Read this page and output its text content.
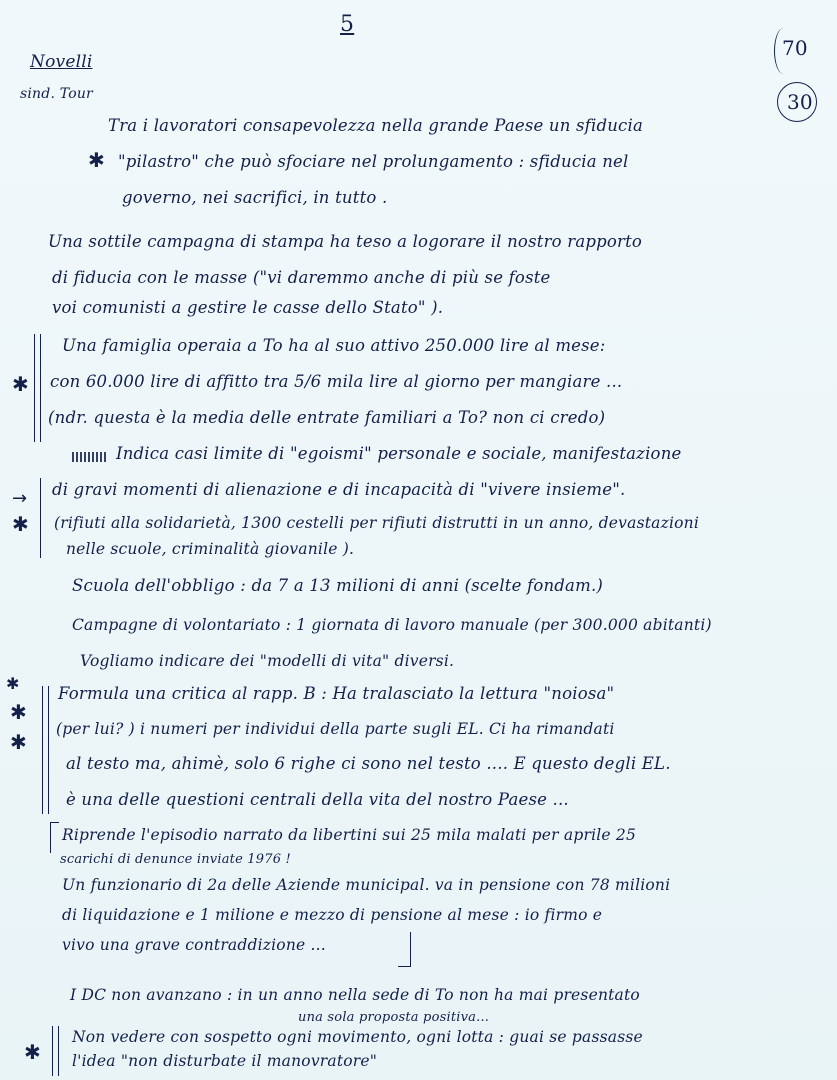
5
70
30
Novelli
sind. Tour
Tra i lavoratori consapevolezza nella grande Paese un sfiducia
✱ "pilastro" che può sfociare nel prolungamento : sfiducia nel
governo, nei sacrifici, in tutto .
Una sottile campagna di stampa ha teso a logorare il nostro rapporto
di fiducia con le masse ("vi daremmo anche di più se foste
voi comunisti a gestire le casse dello Stato" ).
✱
Una famiglia operaia a To ha al suo attivo 250.000 lire al mese:
con 60.000 lire di affitto tra 5/6 mila lire al giorno per mangiare ...
(ndr. questa è la media delle entrate familiari a To? non ci credo)
Indica casi limite di "egoismi" personale e sociale, manifestazione
→ di gravi momenti di alienazione e di incapacità di "vivere insieme".
✱ (rifiuti alla solidarietà, 1300 cestelli per rifiuti distrutti in un anno, devastazioni
nelle scuole, criminalità giovanile ).
Scuola dell'obbligo : da 7 a 13 milioni di anni (scelte fondam.)
Campagne di volontariato : 1 giornata di lavoro manuale (per 300.000 abitanti)
Vogliamo indicare dei "modelli di vita" diversi.
✱
✱
✱
Formula una critica al rapp. B : Ha tralasciato la lettura "noiosa"
(per lui? ) i numeri per individui della parte sugli EL. Ci ha rimandati
al testo ma, ahimè, solo 6 righe ci sono nel testo .... E questo degli EL.
è una delle questioni centrali della vita del nostro Paese ...
Riprende l'episodio narrato da libertini sui 25 mila malati per aprile 25
scarichi di denunce inviate 1976 !
Un funzionario di 2a delle Aziende municipal. va in pensione con 78 milioni
di liquidazione e 1 milione e mezzo di pensione al mese : io firmo e
vivo una grave contraddizione ...
I DC non avanzano : in un anno nella sede di To non ha mai presentato
una sola proposta positiva...
✱
Non vedere con sospetto ogni movimento, ogni lotta : guai se passasse
l'idea "non disturbate il manovratore"
